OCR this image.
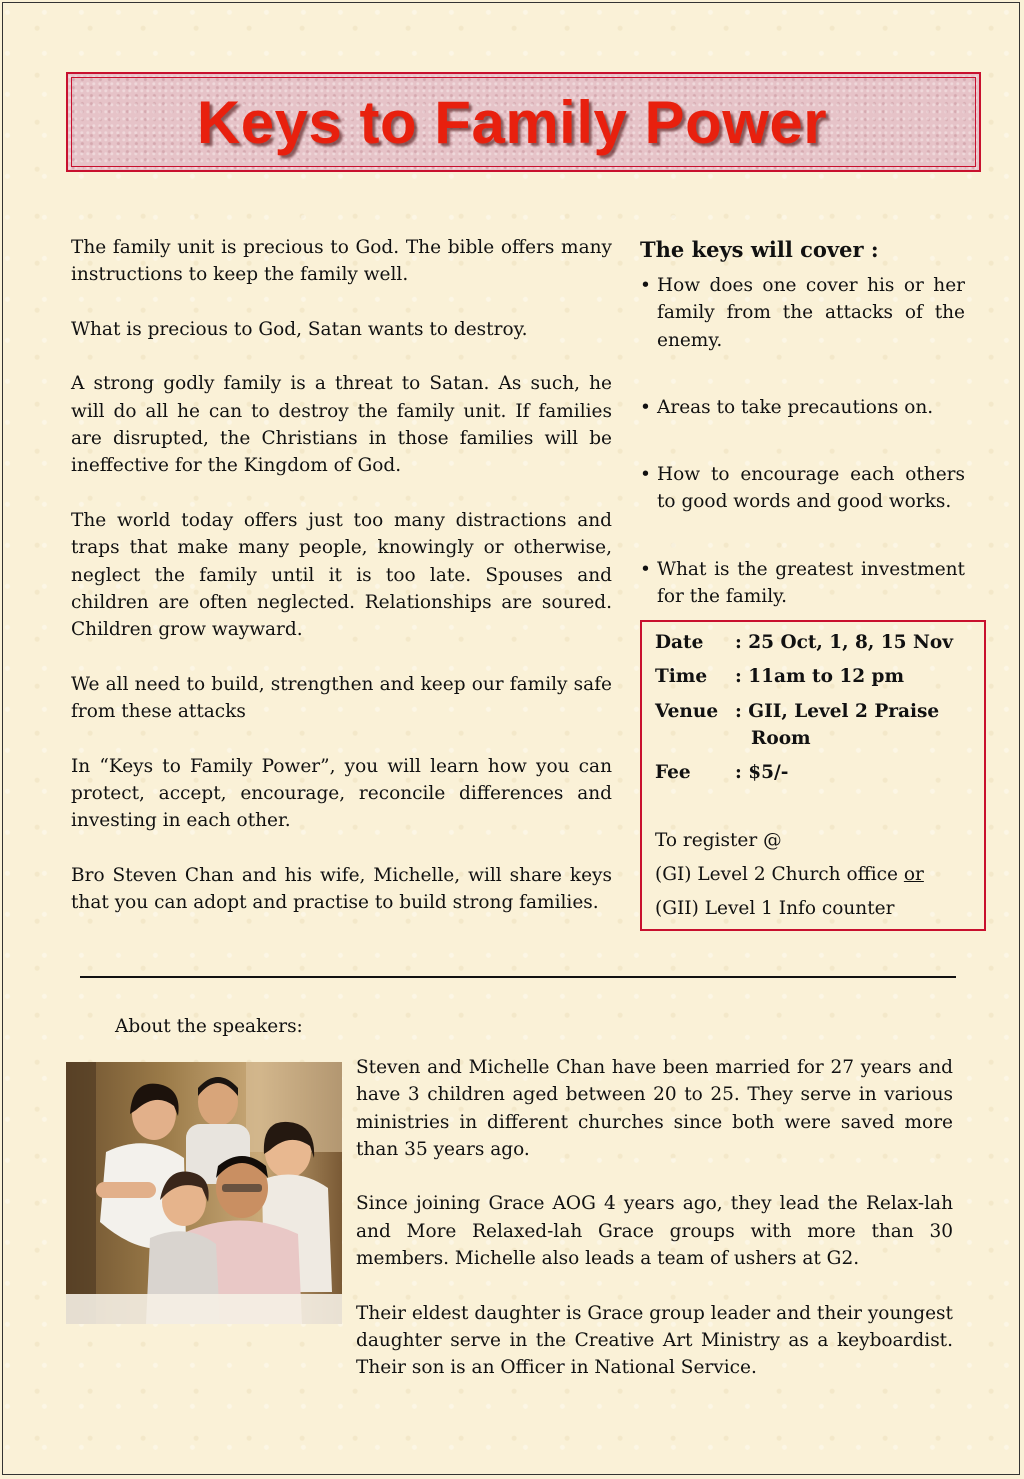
Keys to Family Power

The family unit is precious to God. The bible offers many instructions to keep the family well.

What is precious to God, Satan wants to destroy.

A strong godly family is a threat to Satan. As such, he will do all he can to destroy the family unit. If families are disrupted, the Christians in those families will be ineffective for the Kingdom of God.

The world today offers just too many distractions and traps that make many people, knowingly or otherwise, neglect the family until it is too late. Spouses and children are often neglected. Relationships are soured. Children grow wayward.

We all need to build, strengthen and keep our family safe from these attacks

In “Keys to Family Power”, you will learn how you can protect, accept, encourage, reconcile differences and investing in each other.

Bro Steven Chan and his wife, Michelle, will share keys that you can adopt and practise to build strong families.

The keys will cover :
• How does one cover his or her family from the attacks of the enemy.
• Areas to take precautions on.
• How to encourage each others to good words and good works.
• What is the greatest investment for the family.
Date : 25 Oct, 1, 8, 15 Nov
Time : 11am to 12 pm
Venue : GII, Level 2 Praise
Room
Fee : $5/-
To register @
(GI) Level 2 Church office or
(GII) Level 1 Info counter
About the speakers:

Steven and Michelle Chan have been married for 27 years and have 3 children aged between 20 to 25. They serve in various ministries in different churches since both were saved more than 35 years ago.

Since joining Grace AOG 4 years ago, they lead the Relax-lah and More Relaxed-lah Grace groups with more than 30 members. Michelle also leads a team of ushers at G2.

Their eldest daughter is Grace group leader and their youngest daughter serve in the Creative Art Ministry as a keyboardist. Their son is an Officer in National Service.
